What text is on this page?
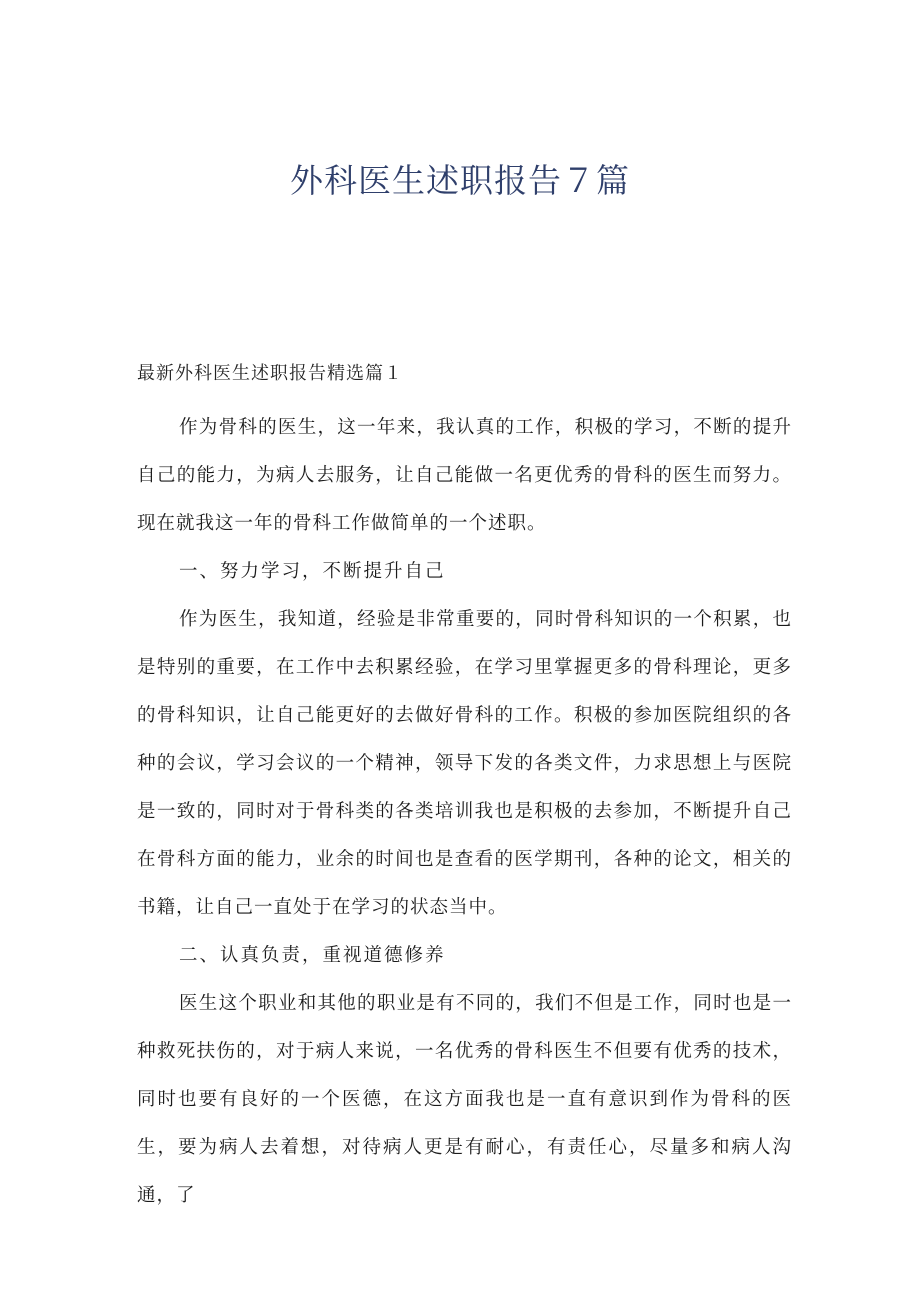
外科医生述职报告７篇
最新外科医生述职报告精选篇１

作为骨科的医生，这一年来，我认真的工作，积极的学习，不断的提升自己的能力，为病人去服务，让自己能做一名更优秀的骨科的医生而努力。现在就我这一年的骨科工作做简单的一个述职。

一、努力学习，不断提升自己

作为医生，我知道，经验是非常重要的，同时骨科知识的一个积累，也是特别的重要，在工作中去积累经验，在学习里掌握更多的骨科理论，更多的骨科知识，让自己能更好的去做好骨科的工作。积极的参加医院组织的各种的会议，学习会议的一个精神，领导下发的各类文件，力求思想上与医院是一致的，同时对于骨科类的各类培训我也是积极的去参加，不断提升自己在骨科方面的能力，业余的时间也是查看的医学期刊，各种的论文，相关的书籍，让自己一直处于在学习的状态当中。

二、认真负责，重视道德修养

医生这个职业和其他的职业是有不同的，我们不但是工作，同时也是一种救死扶伤的，对于病人来说，一名优秀的骨科医生不但要有优秀的技术，同时也要有良好的一个医德，在这方面我也是一直有意识到作为骨科的医生，要为病人去着想，对待病人更是有耐心，有责任心，尽量多和病人沟通，了
